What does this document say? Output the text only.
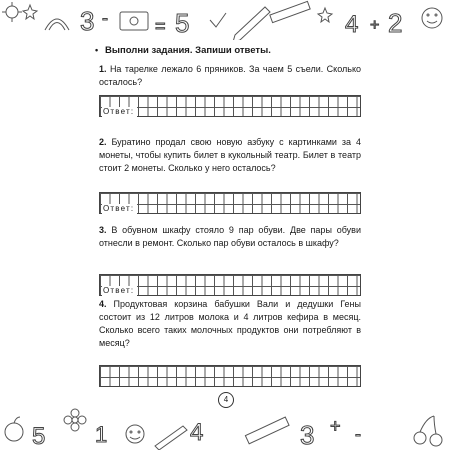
3 -	= 5	4 + 2
• Выполни задания. Запиши ответы.
1. На тарелке лежало 6 пряников. За чаем 5 съели. Сколько осталось?
Ответ:
2. Буратино продал свою новую азбуку с картинками за 4 монеты, чтобы купить билет в кукольный театр. Билет в театр стоит 2 монеты. Сколько у него осталось?
Ответ:
3. В обувном шкафу стояло 9 пар обуви. Две пары обуви отнесли в ремонт. Сколько пар обуви осталось в шкафу?
Ответ:
4. Продуктовая корзина бабушки Вали и дедушки Гены состоит из 12 литров молока и 4 литров кефира в месяц. Сколько всего таких молочных продуктов они потребляют в месяц?
5 1	4	3 + -
4
